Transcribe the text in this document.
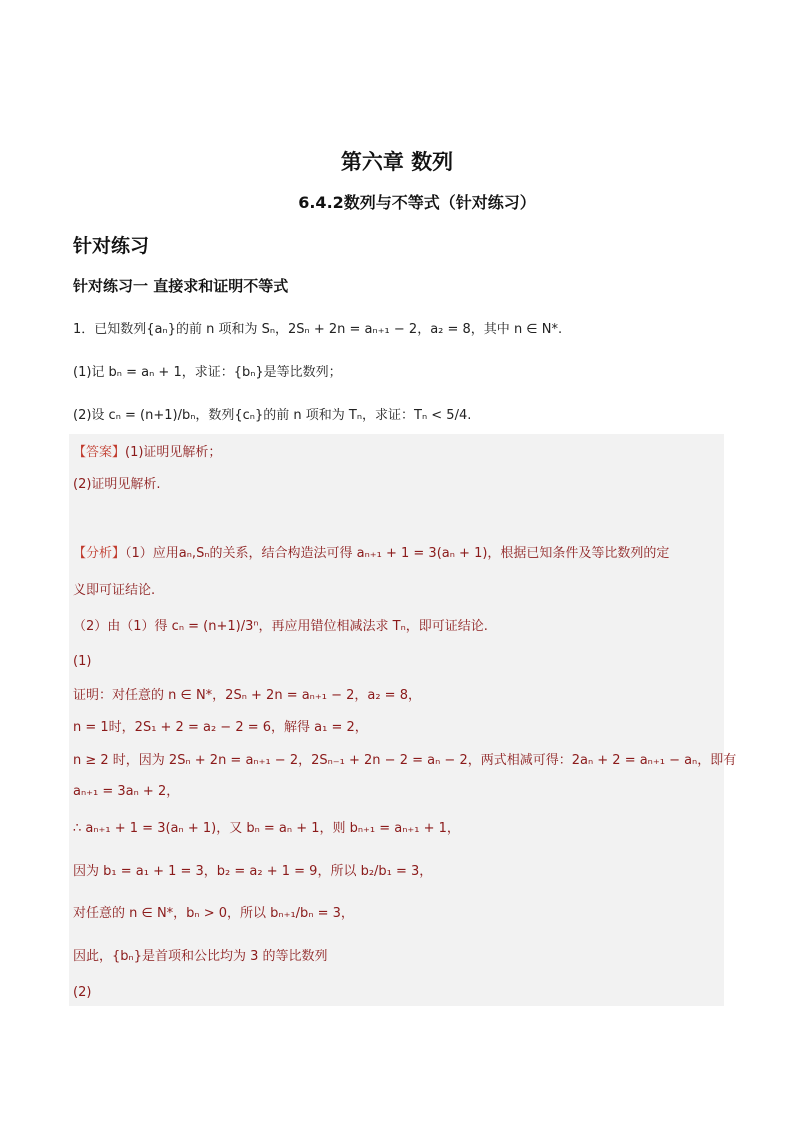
第六章 数列
6.4.2数列与不等式（针对练习）
针对练习
针对练习一 直接求和证明不等式
1．已知数列{aₙ}的前 n 项和为 Sₙ，2Sₙ + 2n = aₙ₊₁ − 2，a₂ = 8，其中 n ∈ N*.
(1)记 bₙ = aₙ + 1，求证：{bₙ}是等比数列；
(2)设 cₙ = (n+1)/bₙ，数列{cₙ}的前 n 项和为 Tₙ，求证：Tₙ < 5/4.
【答案】(1)证明见解析；
(2)证明见解析.
【分析】（1）应用aₙ,Sₙ的关系，结合构造法可得 aₙ₊₁ + 1 = 3(aₙ + 1)，根据已知条件及等比数列的定
义即可证结论.
（2）由（1）得 cₙ = (n+1)/3ⁿ，再应用错位相减法求 Tₙ，即可证结论.
(1)
证明：对任意的 n ∈ N*，2Sₙ + 2n = aₙ₊₁ − 2，a₂ = 8，
n = 1时，2S₁ + 2 = a₂ − 2 = 6，解得 a₁ = 2，
n ≥ 2 时，因为 2Sₙ + 2n = aₙ₊₁ − 2，2Sₙ₋₁ + 2n − 2 = aₙ − 2，两式相减可得：2aₙ + 2 = aₙ₊₁ − aₙ，即有
aₙ₊₁ = 3aₙ + 2，
∴ aₙ₊₁ + 1 = 3(aₙ + 1)，又 bₙ = aₙ + 1，则 bₙ₊₁ = aₙ₊₁ + 1，
因为 b₁ = a₁ + 1 = 3，b₂ = a₂ + 1 = 9，所以 b₂/b₁ = 3，
对任意的 n ∈ N*，bₙ > 0，所以 bₙ₊₁/bₙ = 3，
因此，{bₙ}是首项和公比均为 3 的等比数列
(2)
